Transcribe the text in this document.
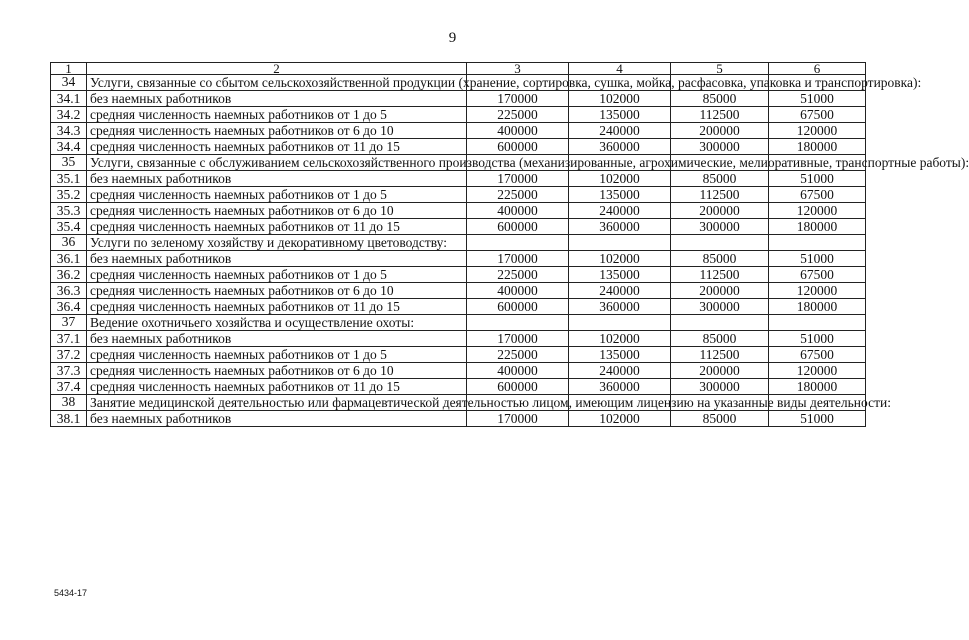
9
1	2	3	4	5	6
34	Услуги, связанные со сбытом сельскохозяйственной продукции (хранение, сортировка, сушка, мойка, расфасовка, упаковка и транспортировка):				
34.1	без наемных работников	170000	102000	85000	51000
34.2	средняя численность наемных работников от 1 до 5	225000	135000	112500	67500
34.3	средняя численность наемных работников от 6 до 10	400000	240000	200000	120000
34.4	средняя численность наемных работников от 11 до 15	600000	360000	300000	180000
35	Услуги, связанные с обслуживанием сельскохозяйственного производства (механизированные, агрохимические, мелиоративные, транспортные работы):				
35.1	без наемных работников	170000	102000	85000	51000
35.2	средняя численность наемных работников от 1 до 5	225000	135000	112500	67500
35.3	средняя численность наемных работников от 6 до 10	400000	240000	200000	120000
35.4	средняя численность наемных работников от 11 до 15	600000	360000	300000	180000
36	Услуги по зеленому хозяйству и декоративному цветоводству:				
36.1	без наемных работников	170000	102000	85000	51000
36.2	средняя численность наемных работников от 1 до 5	225000	135000	112500	67500
36.3	средняя численность наемных работников от 6 до 10	400000	240000	200000	120000
36.4	средняя численность наемных работников от 11 до 15	600000	360000	300000	180000
37	Ведение охотничьего хозяйства и осуществление охоты:				
37.1	без наемных работников	170000	102000	85000	51000
37.2	средняя численность наемных работников от 1 до 5	225000	135000	112500	67500
37.3	средняя численность наемных работников от 6 до 10	400000	240000	200000	120000
37.4	средняя численность наемных работников от 11 до 15	600000	360000	300000	180000
38	Занятие медицинской деятельностью или фармацевтической деятельностью лицом, имеющим лицензию на указанные виды деятельности:				
38.1	без наемных работников	170000	102000	85000	51000
5434-17
